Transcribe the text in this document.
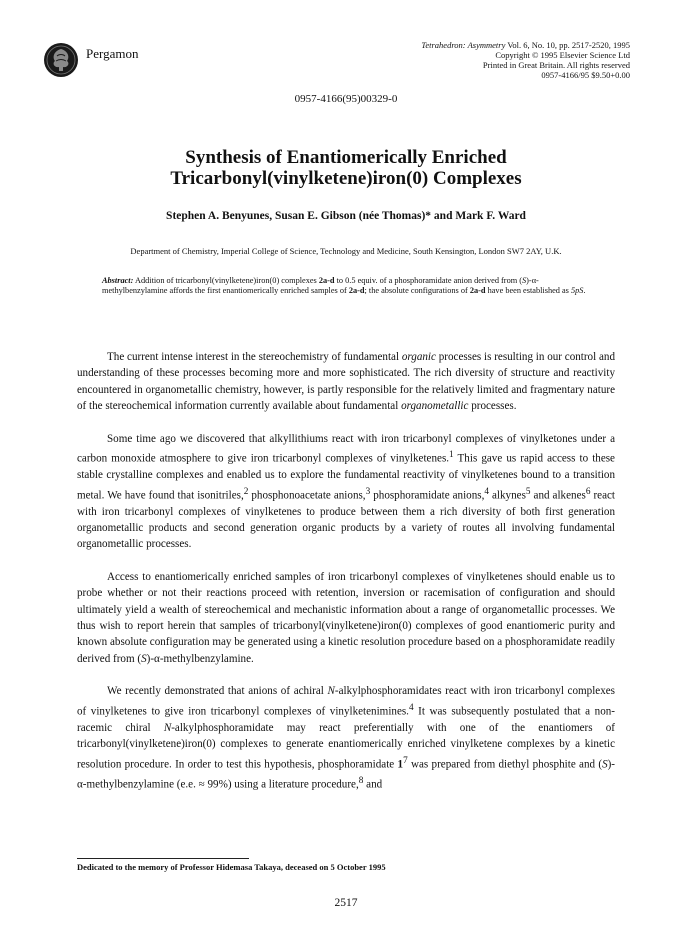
Pergamon
Tetrahedron: Asymmetry Vol. 6, No. 10, pp. 2517-2520, 1995
Copyright © 1995 Elsevier Science Ltd
Printed in Great Britain. All rights reserved
0957-4166/95 $9.50+0.00
0957-4166(95)00329-0
Synthesis of Enantiomerically Enriched
Tricarbonyl(vinylketene)iron(0) Complexes
Stephen A. Benyunes, Susan E. Gibson (née Thomas)* and Mark F. Ward
Department of Chemistry, Imperial College of Science, Technology and Medicine, South Kensington, London SW7 2AY, U.K.
Abstract: Addition of tricarbonyl(vinylketene)iron(0) complexes 2a-d to 0.5 equiv. of a phosphoramidate anion derived from (S)-α-methylbenzylamine affords the first enantiomerically enriched samples of 2a-d; the absolute configurations of 2a-d have been established as 5pS.

The current intense interest in the stereochemistry of fundamental organic processes is resulting in our control and understanding of these processes becoming more and more sophisticated. The rich diversity of structure and reactivity encountered in organometallic chemistry, however, is partly responsible for the relatively limited and fragmentary nature of the stereochemical information currently available about fundamental organometallic processes.

Some time ago we discovered that alkyllithiums react with iron tricarbonyl complexes of vinylketones under a carbon monoxide atmosphere to give iron tricarbonyl complexes of vinylketenes.$^1$ This gave us rapid access to these stable crystalline complexes and enabled us to explore the fundamental reactivity of vinylketenes bound to a transition metal. We have found that isonitriles,$^2$ phosphonoacetate anions,$^3$ phosphoramidate anions,$^4$ alkynes$^5$ and alkenes$^6$ react with iron tricarbonyl complexes of vinylketenes to produce between them a rich diversity of both first generation organometallic products and second generation organic products by a variety of routes all involving fundamental organometallic processes.

Access to enantiomerically enriched samples of iron tricarbonyl complexes of vinylketenes should enable us to probe whether or not their reactions proceed with retention, inversion or racemisation of configuration and should ultimately yield a wealth of stereochemical and mechanistic information about a range of organometallic processes. We thus wish to report herein that samples of tricarbonyl(vinylketene)iron(0) complexes of good enantiomeric purity and known absolute configuration may be generated using a kinetic resolution procedure based on a phosphoramidate readily derived from (S)-α-methylbenzylamine.

We recently demonstrated that anions of achiral N-alkylphosphoramidates react with iron tricarbonyl complexes of vinylketenes to give iron tricarbonyl complexes of vinylketenimines.$^4$ It was subsequently postulated that a non-racemic chiral N-alkylphosphoramidate may react preferentially with one of the enantiomers of tricarbonyl(vinylketene)iron(0) complexes to generate enantiomerically enriched vinylketene complexes by a kinetic resolution procedure. In order to test this hypothesis, phosphoramidate $1^7$ was prepared from diethyl phosphite and (S)-α-methylbenzylamine (e.e. ≈ 99%) using a literature procedure,$^8$ and

Dedicated to the memory of Professor Hidemasa Takaya, deceased on 5 October 1995
2517
